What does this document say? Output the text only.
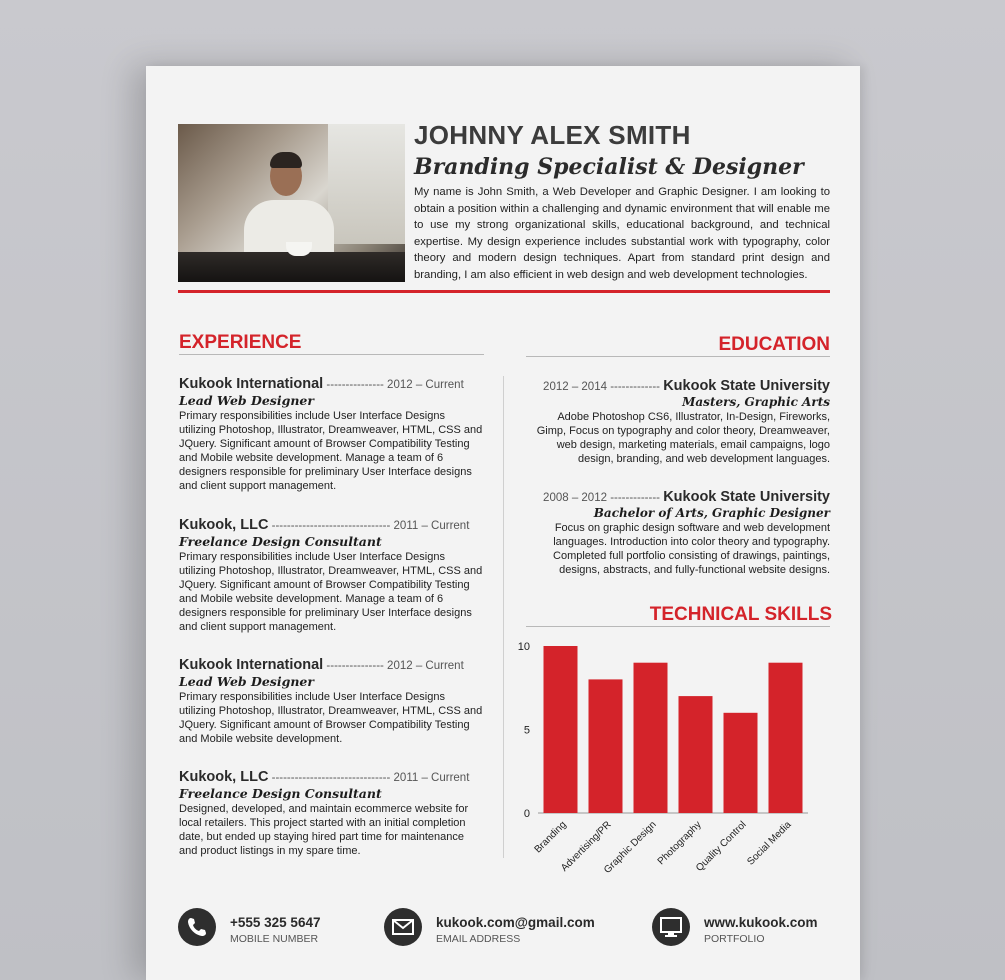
JOHNNY ALEX SMITH
Branding Specialist & Designer
My name is John Smith, a Web Developer and Graphic Designer. I am looking to obtain a position within a challenging and dynamic environment that will enable me to use my strong organizational skills, educational background, and technical expertise. My design experience includes substantial work with typography, color theory and modern design techniques. Apart from standard print design and branding, I am also efficient in web design and web development technologies.
EXPERIENCE	EDUCATION
Kukook International --------------- 2012 – Current
Lead Web Designer
Primary responsibilities include User Interface Designs utilizing Photoshop, Illustrator, Dreamweaver, HTML, CSS and JQuery. Significant amount of Browser Compatibility Testing and Mobile website development. Manage a team of 6 designers responsible for preliminary User Interface designs and client support management.
Kukook, LLC ------------------------------- 2011 – Current
Freelance Design Consultant
Primary responsibilities include User Interface Designs utilizing Photoshop, Illustrator, Dreamweaver, HTML, CSS and JQuery. Significant amount of Browser Compatibility Testing and Mobile website development. Manage a team of 6 designers responsible for preliminary User Interface designs and client support management.
Kukook International --------------- 2012 – Current
Lead Web Designer
Primary responsibilities include User Interface Designs utilizing Photoshop, Illustrator, Dreamweaver, HTML, CSS and JQuery. Significant amount of Browser Compatibility Testing and Mobile website development.
Kukook, LLC ------------------------------- 2011 – Current
Freelance Design Consultant
Designed, developed, and maintain ecommerce website for local retailers. This project started with an initial completion date, but ended up staying hired part time for maintenance and product listings in my spare time.
2012 – 2014 ------------- Kukook State University
Masters, Graphic Arts
Adobe Photoshop CS6, Illustrator, In-Design, Fireworks, Gimp, Focus on typography and color theory, Dreamweaver, web design, marketing materials, email campaigns, logo design, branding, and web development languages.
2008 – 2012 ------------- Kukook State University
Bachelor of Arts, Graphic Designer
Focus on graphic design software and web development languages. Introduction into color theory and typography. Completed full portfolio consisting of drawings, paintings, designs, abstracts, and fully-functional website designs.
TECHNICAL SKILLS
0
5
10
Branding
Advertising/PR
Graphic Design
Photography
Quality Control
Social Media
+555 325 5647
MOBILE NUMBER
kukook.com@gmail.com
EMAIL ADDRESS
www.kukook.com
PORTFOLIO
